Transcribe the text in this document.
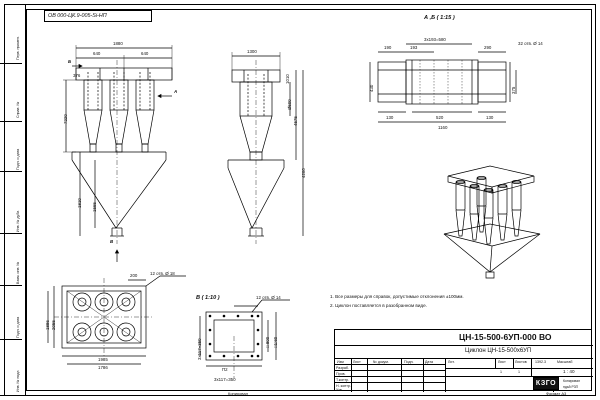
Перв. примен.
Справ. №
Подп. и дата
Инв. № дубл.
Взам. инв. №
Подп. и дата
Инв. № подл.
ОВ 000-ЦК.9-005-Si-НП
Б
А
В
1880
640	640
376
7220
1810 1565
1300
4575
4260
Ø500
1010
А ,Б ( 1:15 )
190	193	290
3х193=580
32 отв. Ø 14
430	375
130	520	130
1160
1985
1786
2055
1886
12 отв. Ø 18
200
В ( 1:10 )	12 отв. Ø 14
3х117=350
3х117=350
П2
□ 800 □1:60
1. Все размеры для справок, допустимые отклонения ±100мм.
2. Циклон поставляется в разобранном виде.
ЦН-15-500-6УП-000 ВО
Циклон ЦН-15-500х6УП
Изм	Лист	№ докум.	Подп.	Дата
Разраб.
Пров.
Т.контр.
Н. контр.
Утв.
Лит.	Лист	Листов
1	1
1392.3	Масштаб
1 : 40
КЗГО	Копировал
ндьй Р3П
Копировал	Формат А3
